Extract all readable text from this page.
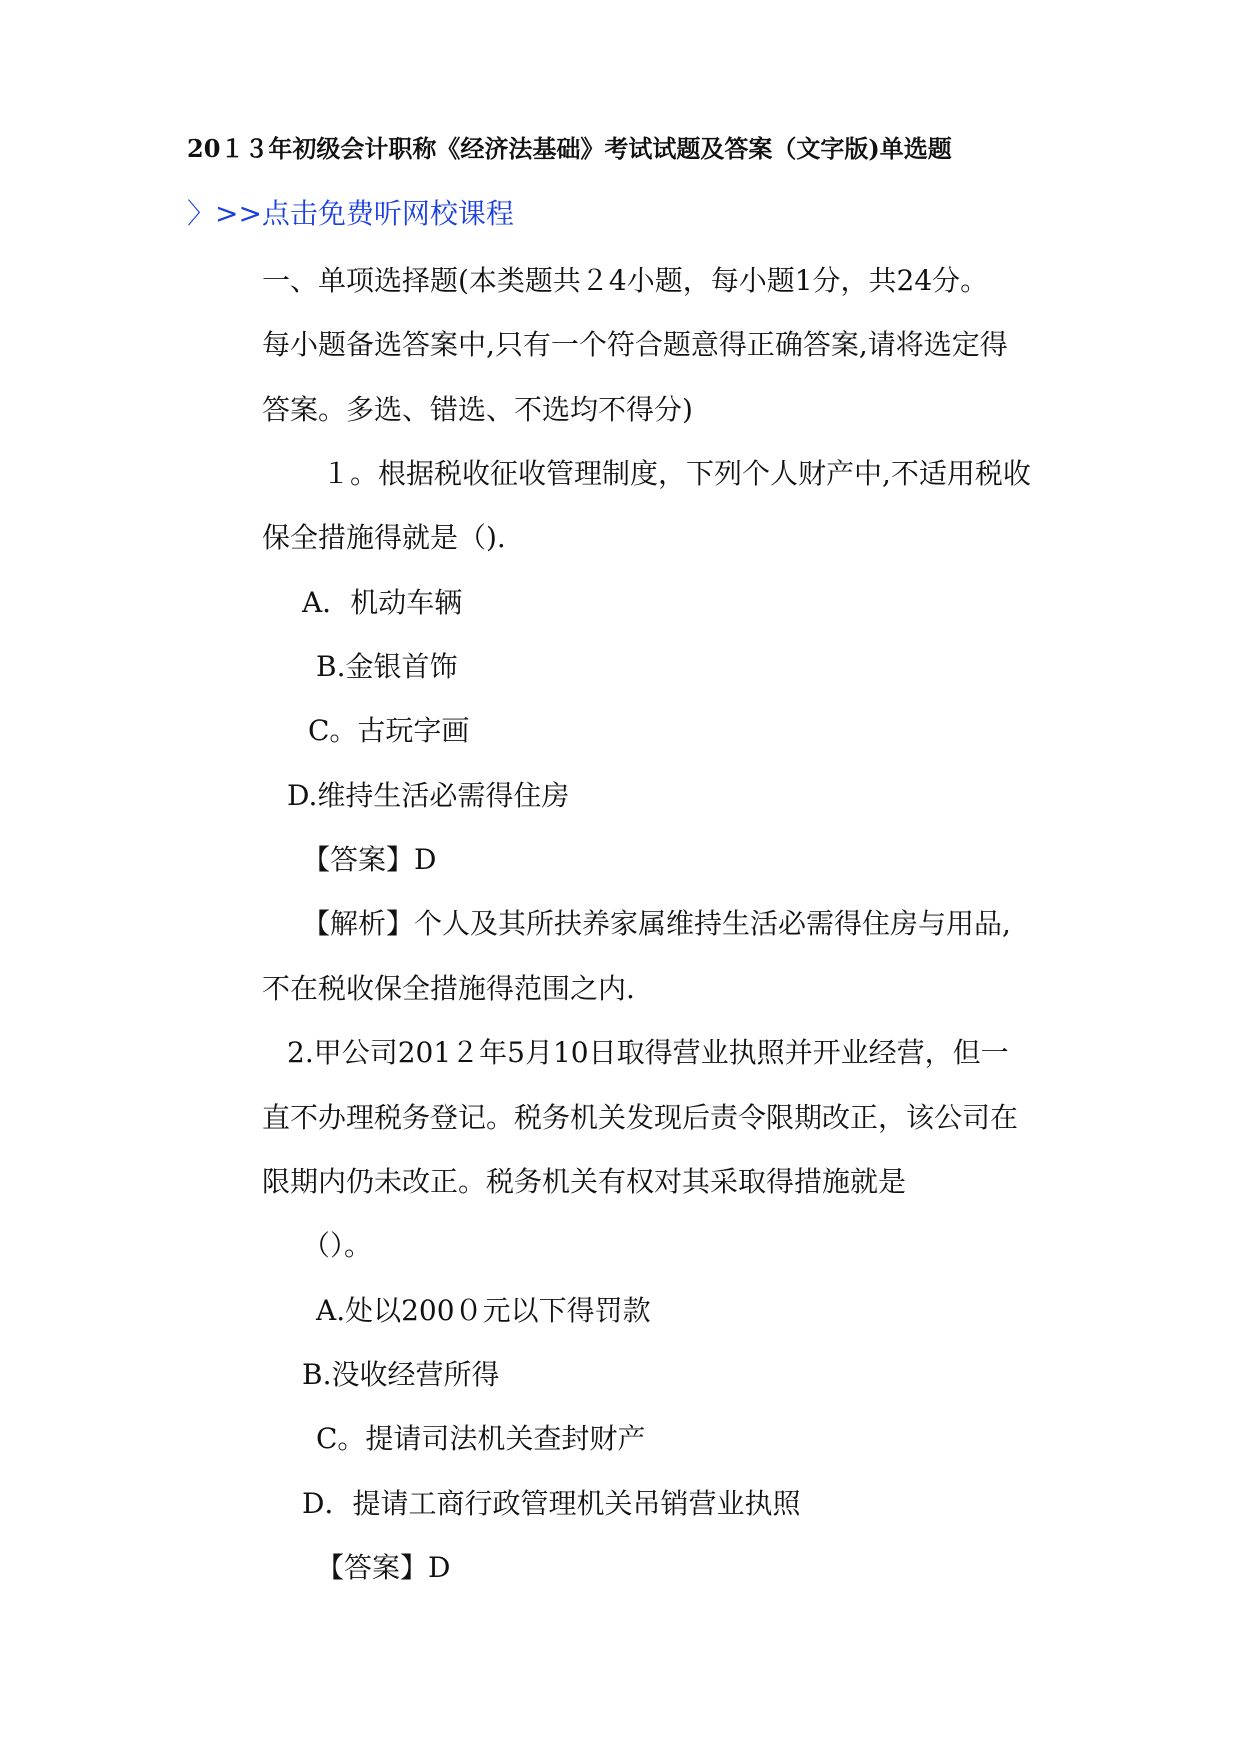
20１３年初级会计职称《经济法基础》考试试题及答案（文字版)单选题
〉>>点击免费听网校课程
一、单项选择题(本类题共２4小题，每小题1分，共24分。
每小题备选答案中,只有一个符合题意得正确答案,请将选定得
答案。多选、错选、不选均不得分)
１。根据税收征收管理制度，下列个人财产中,不适用税收
保全措施得就是（).
A．机动车辆
B.金银首饰
C。古玩字画
D.维持生活必需得住房
【答案】D
【解析】个人及其所扶养家属维持生活必需得住房与用品,
不在税收保全措施得范围之内.
2.甲公司201２年5月10日取得营业执照并开业经营，但一
直不办理税务登记。税务机关发现后责令限期改正，该公司在
限期内仍未改正。税务机关有权对其采取得措施就是
（）。
A.处以200０元以下得罚款
B.没收经营所得
C。提请司法机关查封财产
D．提请工商行政管理机关吊销营业执照
【答案】D
